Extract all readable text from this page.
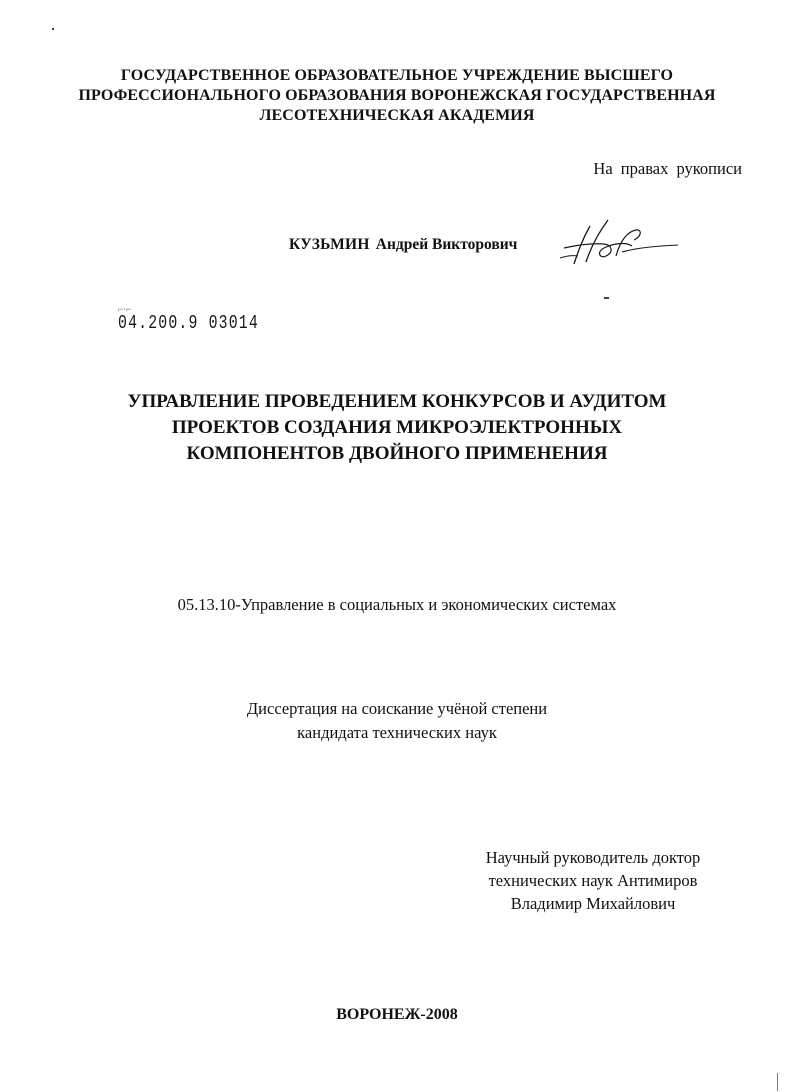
ГОСУДАРСТВЕННОЕ ОБРАЗОВАТЕЛЬНОЕ УЧРЕЖДЕНИЕ ВЫСШЕГО
ПРОФЕССИОНАЛЬНОГО ОБРАЗОВАНИЯ ВОРОНЕЖСКАЯ ГОСУДАРСТВЕННАЯ
ЛЕСОТЕХНИЧЕСКАЯ АКАДЕМИЯ
На правах рукописи
КУЗЬМИН Андрей Викторович
⌐·⌐
04.200.9 03014
УПРАВЛЕНИЕ ПРОВЕДЕНИЕМ КОНКУРСОВ И АУДИТОМ
ПРОЕКТОВ СОЗДАНИЯ МИКРОЭЛЕКТРОННЫХ
КОМПОНЕНТОВ ДВОЙНОГО ПРИМЕНЕНИЯ
05.13.10-Управление в социальных и экономических системах
Диссертация на соискание учёной степени
кандидата технических наук
Научный руководитель доктор
технических наук Антимиров
Владимир Михайлович
ВОРОНЕЖ-2008
